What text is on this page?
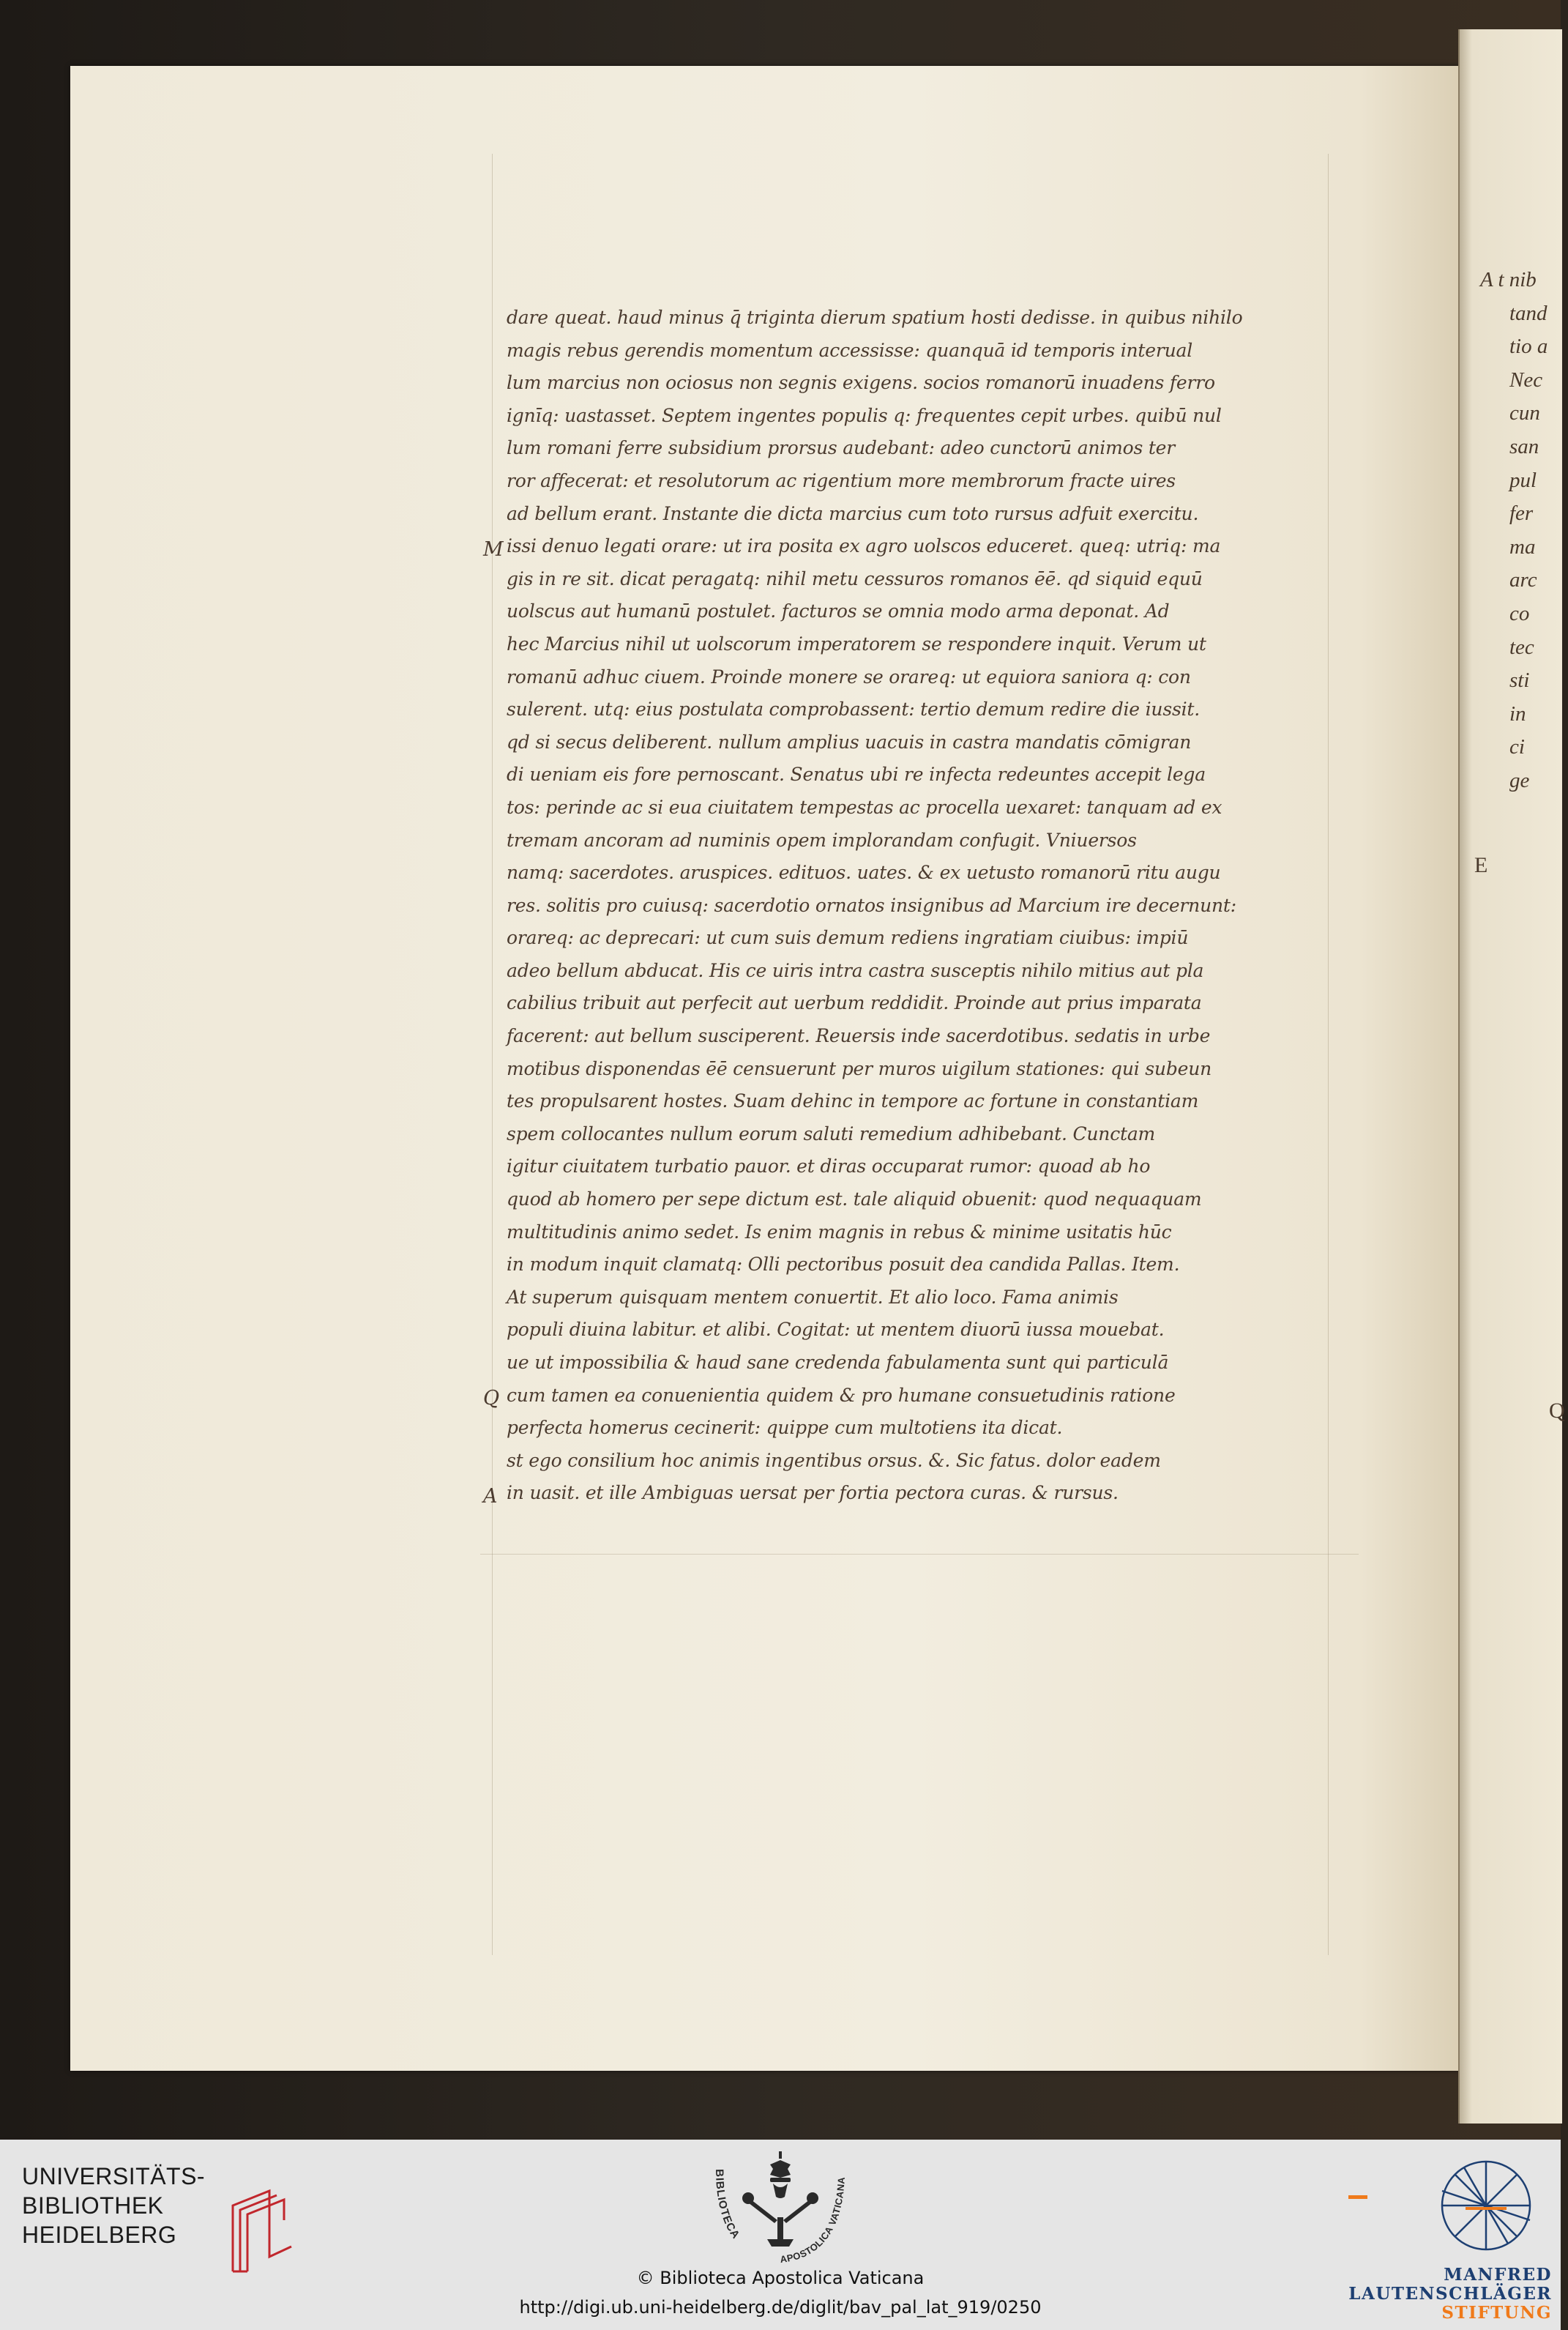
dare queat. haud minus q̄ triginta dierum spatium hosti dedisse. in quibus nihilo
magis rebus gerendis momentum accessisse: quanquā id temporis interual
lum marcius non ociosus non segnis exigens. socios romanorū inuadens ferro
ignīq: uastasset. Septem ingentes populis q: frequentes cepit urbes. quibū nul
lum romani ferre subsidium prorsus audebant: adeo cunctorū animos ter
ror affecerat: et resolutorum ac rigentium more membrorum fracte uires
ad bellum erant. Instante die dicta marcius cum toto rursus adfuit exercitu.
issi denuo legati orare: ut ira posita ex agro uolscos educeret. queq: utriq: ma
gis in re sit. dicat peragatq: nihil metu cessuros romanos ēē. qd siquid equū
uolscus aut humanū postulet. facturos se omnia modo arma deponat. Ad
hec Marcius nihil ut uolscorum imperatorem se respondere inquit. Verum ut
romanū adhuc ciuem. Proinde monere se orareq: ut equiora saniora q: con
sulerent. utq: eius postulata comprobassent: tertio demum redire die iussit.
qd si secus deliberent. nullum amplius uacuis in castra mandatis cōmigran
di ueniam eis fore pernoscant. Senatus ubi re infecta redeuntes accepit lega
tos: perinde ac si eua ciuitatem tempestas ac procella uexaret: tanquam ad ex
tremam ancoram ad numinis opem implorandam confugit. Vniuersos
namq: sacerdotes. aruspices. edituos. uates. & ex uetusto romanorū ritu augu
res. solitis pro cuiusq: sacerdotio ornatos insignibus ad Marcium ire decernunt:
orareq: ac deprecari: ut cum suis demum rediens ingratiam ciuibus: impiū
adeo bellum abducat. His ce uiris intra castra susceptis nihilo mitius aut pla
cabilius tribuit aut perfecit aut uerbum reddidit. Proinde aut prius imparata
facerent: aut bellum susciperent. Reuersis inde sacerdotibus. sedatis in urbe
motibus disponendas ēē censuerunt per muros uigilum stationes: qui subeun
tes propulsarent hostes. Suam dehinc in tempore ac fortune in constantiam
spem collocantes nullum eorum saluti remedium adhibebant. Cunctam
igitur ciuitatem turbatio pauor. et diras occuparat rumor: quoad ab ho
quod ab homero per sepe dictum est. tale aliquid obuenit: quod nequaquam
multitudinis animo sedet. Is enim magnis in rebus & minime usitatis hūc
in modum inquit clamatq: Olli pectoribus posuit dea candida Pallas. Item.
At superum quisquam mentem conuertit. Et alio loco. Fama animis
populi diuina labitur. et alibi. Cogitat: ut mentem diuorū iussa mouebat.
ue ut impossibilia & haud sane credenda fabulamenta sunt qui particulā
cum tamen ea conuenientia quidem & pro humane consuetudinis ratione
perfecta homerus cecinerit: quippe cum multotiens ita dicat.
st ego consilium hoc animis ingentibus orsus. &. Sic fatus. dolor eadem
in uasit. et ille Ambiguas uersat per fortia pectora curas. & rursus.
M
Q
A
A t nib
tand
tio a
Nec
cun
san
pul
fer
ma
arc
co
tec
sti
in
ci
ge
E
Q
UNIVERSITÄTS-
BIBLIOTHEK
HEIDELBERG
BIBLIOTECA
APOSTOLICA VATICANA
© Biblioteca Apostolica Vaticana
http://digi.ub.uni-heidelberg.de/diglit/bav_pal_lat_919/0250
MANFRED
LAUTENSCHLÄGER
STIFTUNG
